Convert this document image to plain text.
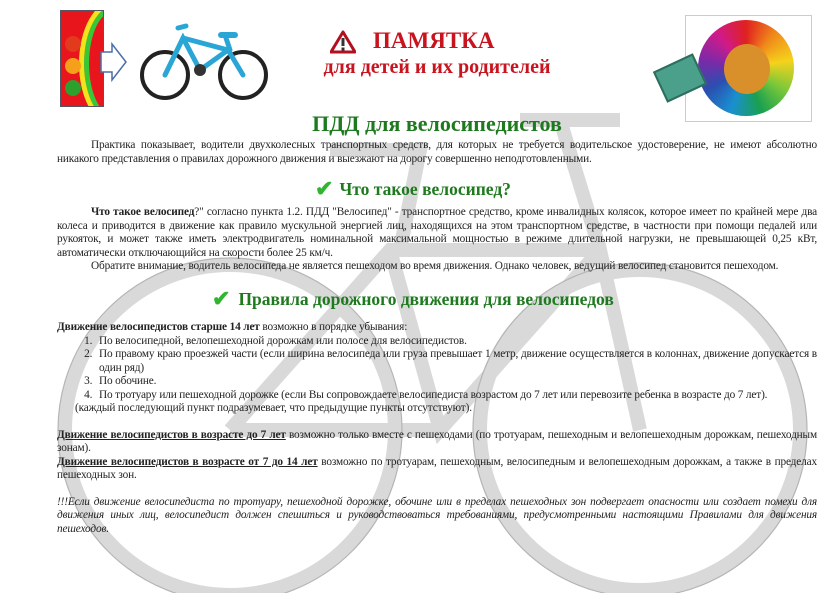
ПАМЯТКА
для детей и их родителей
ПДД для велосипедистов

Практика показывает, водители двухколесных транспортных средств, для которых не требуется водительское удостоверение, не имеют абсолютно никакого представления о правилах дорожного движения и выезжают на дорогу совершенно неподготовленными.

✔ Что такое велосипед?

Что такое велосипед?" согласно пункта 1.2. ПДД "Велосипед" - транспортное средство, кроме инвалидных колясок, которое имеет по крайней мере два колеса и приводится в движение как правило мускульной энергией лиц, находящихся на этом транспортном средстве, в частности при помощи педалей или рукояток, и может также иметь электродвигатель номинальной максимальной мощностью в режиме длительной нагрузки, не превышающей 0,25 кВт, автоматически отключающийся на скорости более 25 км/ч.

Обратите внимание, водитель велосипеда не является пешеходом во время движения. Однако человек, ведущий велосипед становится пешеходом.

✔ Правила дорожного движения для велосипедов
Движение велосипедистов старше 14 лет возможно в порядке убывания:
1. По велосипедной, велопешеходной дорожкам или полосе для велосипедистов.
2. По правому краю проезжей части (если ширина велосипеда или груза превышает 1 метр, движение осуществляется в колоннах, движение допускается в один ряд)
3. По обочине.
4. По тротуару или пешеходной дорожке (если Вы сопровождаете велосипедиста возрастом до 7 лет или перевозите ребенка в возрасте до 7 лет).
(каждый последующий пункт подразумевает, что предыдущие пункты отсутствуют).
Движение велосипедистов в возрасте до 7 лет возможно только вместе с пешеходами (по тротуарам, пешеходным и велопешеходным дорожкам, пешеходным зонам).
Движение велосипедистов в возрасте от 7 до 14 лет возможно по тротуарам, пешеходным, велосипедным и велопешеходным дорожкам, а также в пределах пешеходных зон.
!!!Если движение велосипедиста по тротуару, пешеходной дорожке, обочине или в пределах пешеходных зон подвергает опасности или создает помехи для движения иных лиц, велосипедист должен спешиться и руководствоваться требованиями, предусмотренными настоящими Правилами для движения пешеходов.
